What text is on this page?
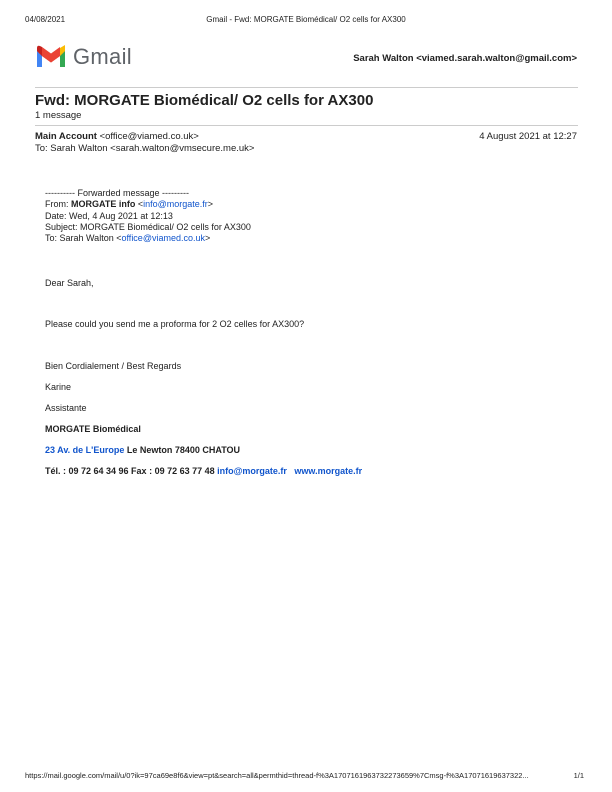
04/08/2021	Gmail - Fwd: MORGATE Biomédical/ O2 cells for AX300
Gmail	Sarah Walton <viamed.sarah.walton@gmail.com>
Fwd: MORGATE Biomédical/ O2 cells for AX300
1 message
Main Account <office@viamed.co.uk>	4 August 2021 at 12:27
To: Sarah Walton <sarah.walton@vmsecure.me.uk>
---------- Forwarded message ---------
From: MORGATE info <info@morgate.fr>
Date: Wed, 4 Aug 2021 at 12:13
Subject: MORGATE Biomédical/ O2 cells for AX300
To: Sarah Walton <office@viamed.co.uk>
Dear Sarah,
Please could you send me a proforma for 2 O2 celles for AX300?
Bien Cordialement / Best Regards
Karine
Assistante
MORGATE Biomédical
23 Av. de L'Europe Le Newton 78400 CHATOU
Tél. : 09 72 64 34 96 Fax : 09 72 63 77 48 info@morgate.fr www.morgate.fr
https://mail.google.com/mail/u/0?ik=97ca69e8f6&view=pt&search=all&permthid=thread-f%3A1707161963732273659%7Cmsg-f%3A17071619637322...	1/1
